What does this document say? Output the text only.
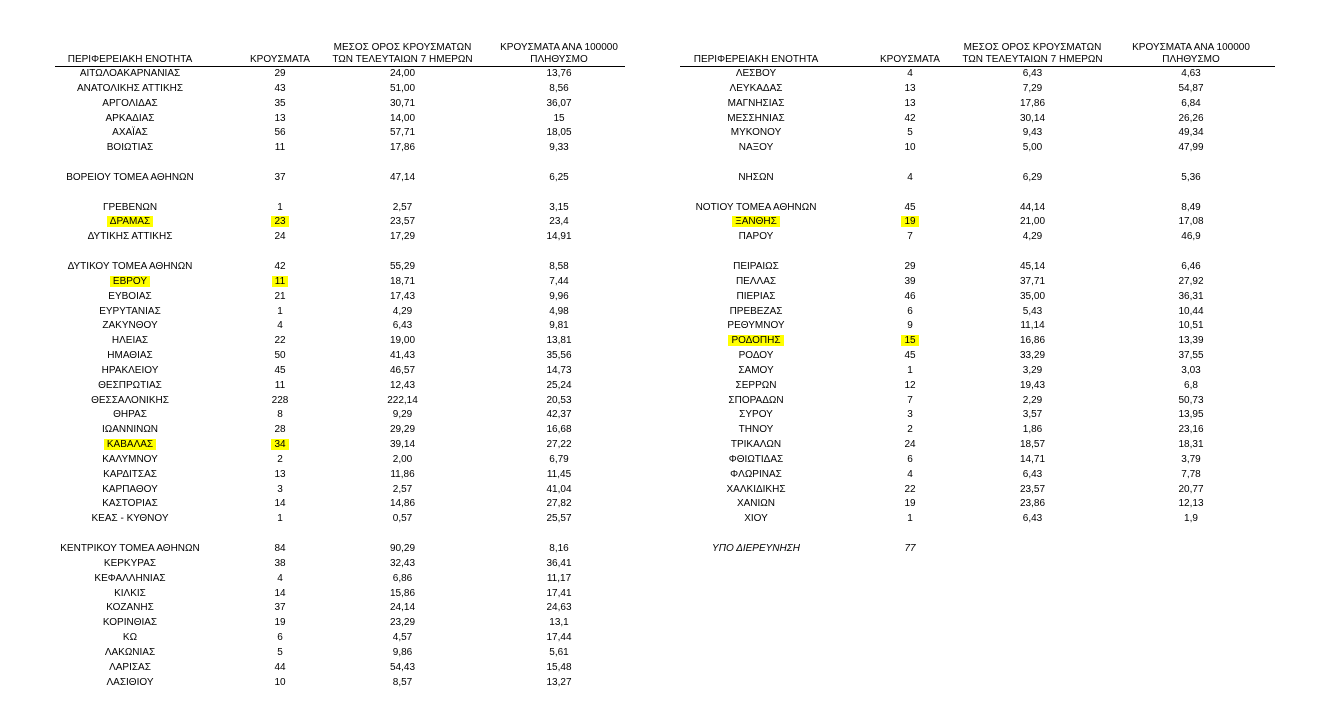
ΠΕΡΙΦΕΡΕΙΑΚΗ ΕΝΟΤΗΤΑ	ΚΡΟΥΣΜΑΤΑ
ΜΕΣΟΣ ΟΡΟΣ ΚΡΟΥΣΜΑΤΩΝ
ΤΩΝ ΤΕΛΕΥΤΑΙΩΝ 7 ΗΜΕΡΩΝ
ΚΡΟΥΣΜΑΤΑ ΑΝΑ 100000
ΠΛΗΘΥΣΜΟ
ΑΙΤΩΛΟΑΚΑΡΝΑΝΙΑΣ	29	24,00	13,76
ΑΝΑΤΟΛΙΚΗΣ ΑΤΤΙΚΗΣ	43	51,00	8,56
ΑΡΓΟΛΙΔΑΣ	35	30,71	36,07
ΑΡΚΑΔΙΑΣ	13	14,00	15
ΑΧΑΪΑΣ	56	57,71	18,05
ΒΟΙΩΤΙΑΣ	11	17,86	9,33
ΒΟΡΕΙΟΥ ΤΟΜΕΑ ΑΘΗΝΩΝ	37	47,14	6,25
ΓΡΕΒΕΝΩΝ	1	2,57	3,15
ΔΡΑΜΑΣ	23	23,57	23,4
ΔΥΤΙΚΗΣ ΑΤΤΙΚΗΣ	24	17,29	14,91
ΔΥΤΙΚΟΥ ΤΟΜΕΑ ΑΘΗΝΩΝ	42	55,29	8,58
ΕΒΡΟΥ	11	18,71	7,44
ΕΥΒΟΙΑΣ	21	17,43	9,96
ΕΥΡΥΤΑΝΙΑΣ	1	4,29	4,98
ΖΑΚΥΝΘΟΥ	4	6,43	9,81
ΗΛΕΙΑΣ	22	19,00	13,81
ΗΜΑΘΙΑΣ	50	41,43	35,56
ΗΡΑΚΛΕΙΟΥ	45	46,57	14,73
ΘΕΣΠΡΩΤΙΑΣ	11	12,43	25,24
ΘΕΣΣΑΛΟΝΙΚΗΣ	228	222,14	20,53
ΘΗΡΑΣ	8	9,29	42,37
ΙΩΑΝΝΙΝΩΝ	28	29,29	16,68
ΚΑΒΑΛΑΣ	34	39,14	27,22
ΚΑΛΥΜΝΟΥ	2	2,00	6,79
ΚΑΡΔΙΤΣΑΣ	13	11,86	11,45
ΚΑΡΠΑΘΟΥ	3	2,57	41,04
ΚΑΣΤΟΡΙΑΣ	14	14,86	27,82
ΚΕΑΣ - ΚΥΘΝΟΥ	1	0,57	25,57
ΚΕΝΤΡΙΚΟΥ ΤΟΜΕΑ ΑΘΗΝΩΝ	84	90,29	8,16
ΚΕΡΚΥΡΑΣ	38	32,43	36,41
ΚΕΦΑΛΛΗΝΙΑΣ	4	6,86	11,17
ΚΙΛΚΙΣ	14	15,86	17,41
ΚΟΖΑΝΗΣ	37	24,14	24,63
ΚΟΡΙΝΘΙΑΣ	19	23,29	13,1
ΚΩ	6	4,57	17,44
ΛΑΚΩΝΙΑΣ	5	9,86	5,61
ΛΑΡΙΣΑΣ	44	54,43	15,48
ΛΑΣΙΘΙΟΥ	10	8,57	13,27
ΠΕΡΙΦΕΡΕΙΑΚΗ ΕΝΟΤΗΤΑ	ΚΡΟΥΣΜΑΤΑ
ΜΕΣΟΣ ΟΡΟΣ ΚΡΟΥΣΜΑΤΩΝ
ΤΩΝ ΤΕΛΕΥΤΑΙΩΝ 7 ΗΜΕΡΩΝ
ΚΡΟΥΣΜΑΤΑ ΑΝΑ 100000
ΠΛΗΘΥΣΜΟ
ΛΕΣΒΟΥ	4	6,43	4,63
ΛΕΥΚΑΔΑΣ	13	7,29	54,87
ΜΑΓΝΗΣΙΑΣ	13	17,86	6,84
ΜΕΣΣΗΝΙΑΣ	42	30,14	26,26
ΜΥΚΟΝΟΥ	5	9,43	49,34
ΝΑΞΟΥ	10	5,00	47,99
ΝΗΣΩΝ	4	6,29	5,36
ΝΟΤΙΟΥ ΤΟΜΕΑ ΑΘΗΝΩΝ	45	44,14	8,49
ΞΑΝΘΗΣ	19	21,00	17,08
ΠΑΡΟΥ	7	4,29	46,9
ΠΕΙΡΑΙΩΣ	29	45,14	6,46
ΠΕΛΛΑΣ	39	37,71	27,92
ΠΙΕΡΙΑΣ	46	35,00	36,31
ΠΡΕΒΕΖΑΣ	6	5,43	10,44
ΡΕΘΥΜΝΟΥ	9	11,14	10,51
ΡΟΔΟΠΗΣ	15	16,86	13,39
ΡΟΔΟΥ	45	33,29	37,55
ΣΑΜΟΥ	1	3,29	3,03
ΣΕΡΡΩΝ	12	19,43	6,8
ΣΠΟΡΑΔΩΝ	7	2,29	50,73
ΣΥΡΟΥ	3	3,57	13,95
ΤΗΝΟΥ	2	1,86	23,16
ΤΡΙΚΑΛΩΝ	24	18,57	18,31
ΦΘΙΩΤΙΔΑΣ	6	14,71	3,79
ΦΛΩΡΙΝΑΣ	4	6,43	7,78
ΧΑΛΚΙΔΙΚΗΣ	22	23,57	20,77
ΧΑΝΙΩΝ	19	23,86	12,13
ΧΙΟΥ	1	6,43	1,9
ΥΠΟ ΔΙΕΡΕΥΝΗΣΗ	77
